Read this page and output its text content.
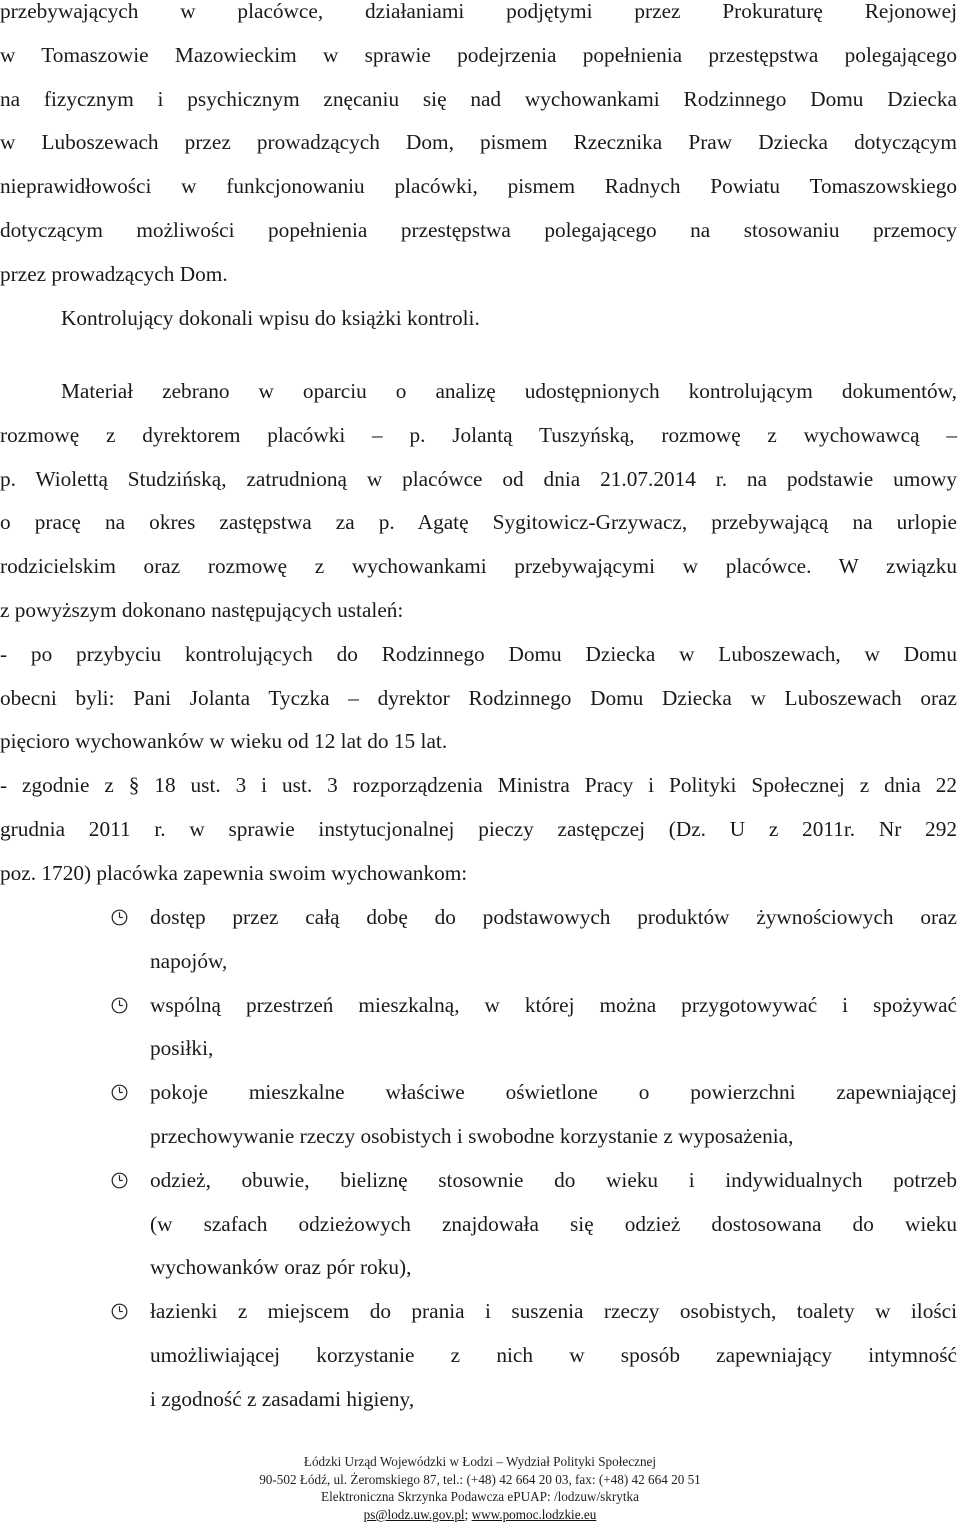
przebywających w placówce, działaniami podjętymi przez Prokuraturę Rejonowej
w Tomaszowie Mazowieckim w sprawie podejrzenia popełnienia przestępstwa polegającego
na fizycznym i psychicznym znęcaniu się nad wychowankami Rodzinnego Domu Dziecka
w Luboszewach przez prowadzących Dom, pismem Rzecznika Praw Dziecka dotyczącym
nieprawidłowości w funkcjonowaniu placówki, pismem Radnych Powiatu Tomaszowskiego
dotyczącym możliwości popełnienia przestępstwa polegającego na stosowaniu przemocy
przez prowadzących Dom.
Kontrolujący dokonali wpisu do książki kontroli.
Materiał zebrano w oparciu o analizę udostępnionych kontrolującym dokumentów,
rozmowę z dyrektorem placówki – p. Jolantą Tuszyńską, rozmowę z wychowawcą –
p. Wiolettą Studzińską, zatrudnioną w placówce od dnia 21.07.2014 r. na podstawie umowy
o pracę na okres zastępstwa za p. Agatę Sygitowicz-Grzywacz, przebywającą na urlopie
rodzicielskim oraz rozmowę z wychowankami przebywającymi w placówce. W związku
z powyższym dokonano następujących ustaleń:
- po przybyciu kontrolujących do Rodzinnego Domu Dziecka w Luboszewach, w Domu
obecni byli: Pani Jolanta Tyczka – dyrektor Rodzinnego Domu Dziecka w Luboszewach oraz
pięcioro wychowanków w wieku od 12 lat do 15 lat.
- zgodnie z § 18 ust. 3 i ust. 3 rozporządzenia Ministra Pracy i Polityki Społecznej z dnia 22
grudnia 2011 r. w sprawie instytucjonalnej pieczy zastępczej (Dz. U z 2011r. Nr 292
poz. 1720) placówka zapewnia swoim wychowankom:
dostęp przez całą dobę do podstawowych produktów żywnościowych oraz
napojów,
wspólną przestrzeń mieszkalną, w której można przygotowywać i spożywać
posiłki,
pokoje mieszkalne właściwe oświetlone o powierzchni zapewniającej
przechowywanie rzeczy osobistych i swobodne korzystanie z wyposażenia,
odzież, obuwie, bieliznę stosownie do wieku i indywidualnych potrzeb
(w szafach odzieżowych znajdowała się odzież dostosowana do wieku
wychowanków oraz pór roku),
łazienki z miejscem do prania i suszenia rzeczy osobistych, toalety w ilości
umożliwiającej korzystanie z nich w sposób zapewniający intymność
i zgodność z zasadami higieny,
Łódzki Urząd Wojewódzki w Łodzi – Wydział Polityki Społecznej
90-502 Łódź, ul. Żeromskiego 87, tel.: (+48) 42 664 20 03, fax: (+48) 42 664 20 51
Elektroniczna Skrzynka Podawcza ePUAP: /lodzuw/skrytka
ps@lodz.uw.gov.pl; www.pomoc.lodzkie.eu
